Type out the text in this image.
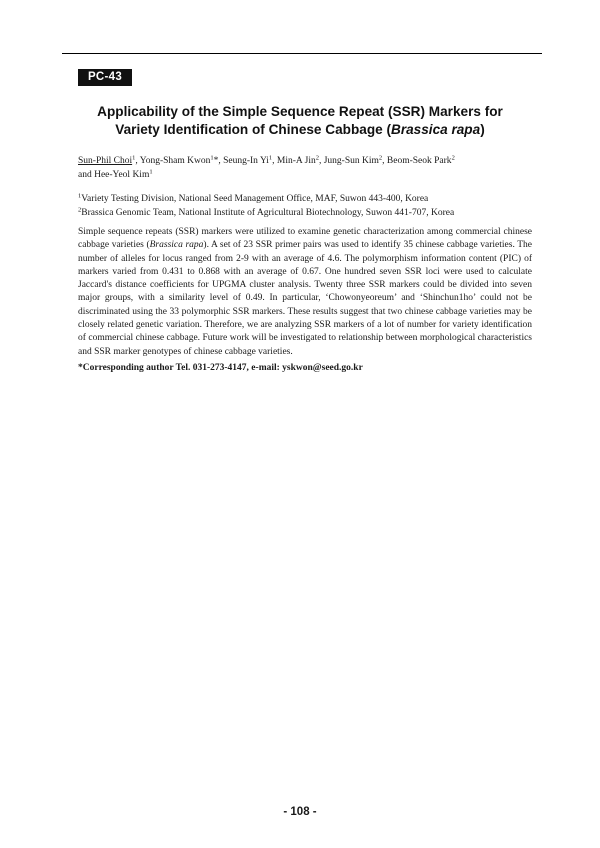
PC-43
Applicability of the Simple Sequence Repeat (SSR) Markers for
Variety Identification of Chinese Cabbage (Brassica rapa)
Sun-Phil Choi$^1$, Yong-Sham Kwon$^1$*, Seung-In Yi$^1$, Min-A Jin$^2$, Jung-Sun Kim$^2$, Beom-Seok Park$^2$
and Hee-Yeol Kim$^1$
$^1$Variety Testing Division, National Seed Management Office, MAF, Suwon 443-400, Korea
$^2$Brassica Genomic Team, National Institute of Agricultural Biotechnology, Suwon 441-707, Korea

Simple sequence repeats (SSR) markers were utilized to examine genetic characterization among commercial chinese cabbage varieties (Brassica rapa). A set of 23 SSR primer pairs was used to identify 35 chinese cabbage varieties. The number of alleles for locus ranged from 2-9 with an average of 4.6. The polymorphism information content (PIC) of markers varied from 0.431 to 0.868 with an average of 0.67. One hundred seven SSR loci were used to calculate Jaccard's distance coefficients for UPGMA cluster analysis. Twenty three SSR markers could be divided into seven major groups, with a similarity level of 0.49. In particular, ‘Chowonyeoreum’ and ‘Shinchun1ho’ could not be discriminated using the 33 polymorphic SSR markers. These results suggest that two chinese cabbage varieties may be closely related genetic variation. Therefore, we are analyzing SSR markers of a lot of number for variety identification of commercial chinese cabbage. Future work will be investigated to relationship between morphological characteristics and SSR marker genotypes of chinese cabbage varieties.

*Corresponding author Tel. 031-273-4147, e-mail: yskwon@seed.go.kr
- 108 -
